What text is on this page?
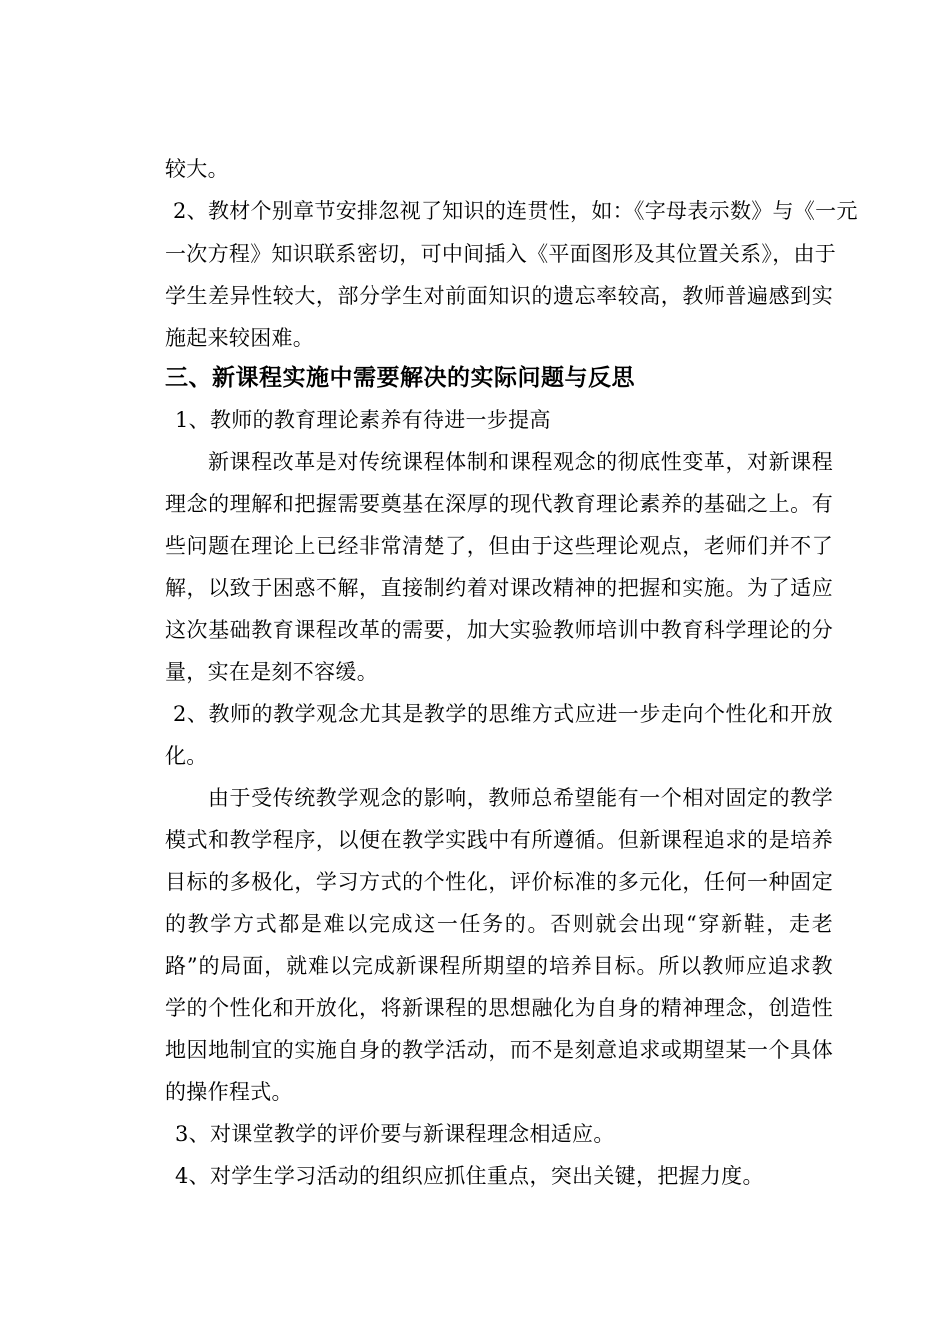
较大。
2、教材个别章节安排忽视了知识的连贯性，如：《字母表示数》与《一元
一次方程》知识联系密切，可中间插入《平面图形及其位置关系》，由于
学生差异性较大，部分学生对前面知识的遗忘率较高，教师普遍感到实
施起来较困难。
三、新课程实施中需要解决的实际问题与反思
1、教师的教育理论素养有待进一步提高
新课程改革是对传统课程体制和课程观念的彻底性变革，对新课程
理念的理解和把握需要奠基在深厚的现代教育理论素养的基础之上。有
些问题在理论上已经非常清楚了，但由于这些理论观点，老师们并不了
解，以致于困惑不解，直接制约着对课改精神的把握和实施。为了适应
这次基础教育课程改革的需要，加大实验教师培训中教育科学理论的分
量，实在是刻不容缓。
2、教师的教学观念尤其是教学的思维方式应进一步走向个性化和开放
化。
由于受传统教学观念的影响，教师总希望能有一个相对固定的教学
模式和教学程序，以便在教学实践中有所遵循。但新课程追求的是培养
目标的多极化，学习方式的个性化，评价标准的多元化，任何一种固定
的教学方式都是难以完成这一任务的。否则就会出现“穿新鞋，走老
路”的局面，就难以完成新课程所期望的培养目标。所以教师应追求教
学的个性化和开放化，将新课程的思想融化为自身的精神理念，创造性
地因地制宜的实施自身的教学活动，而不是刻意追求或期望某一个具体
的操作程式。
3、对课堂教学的评价要与新课程理念相适应。
4、对学生学习活动的组织应抓住重点，突出关键，把握力度。
